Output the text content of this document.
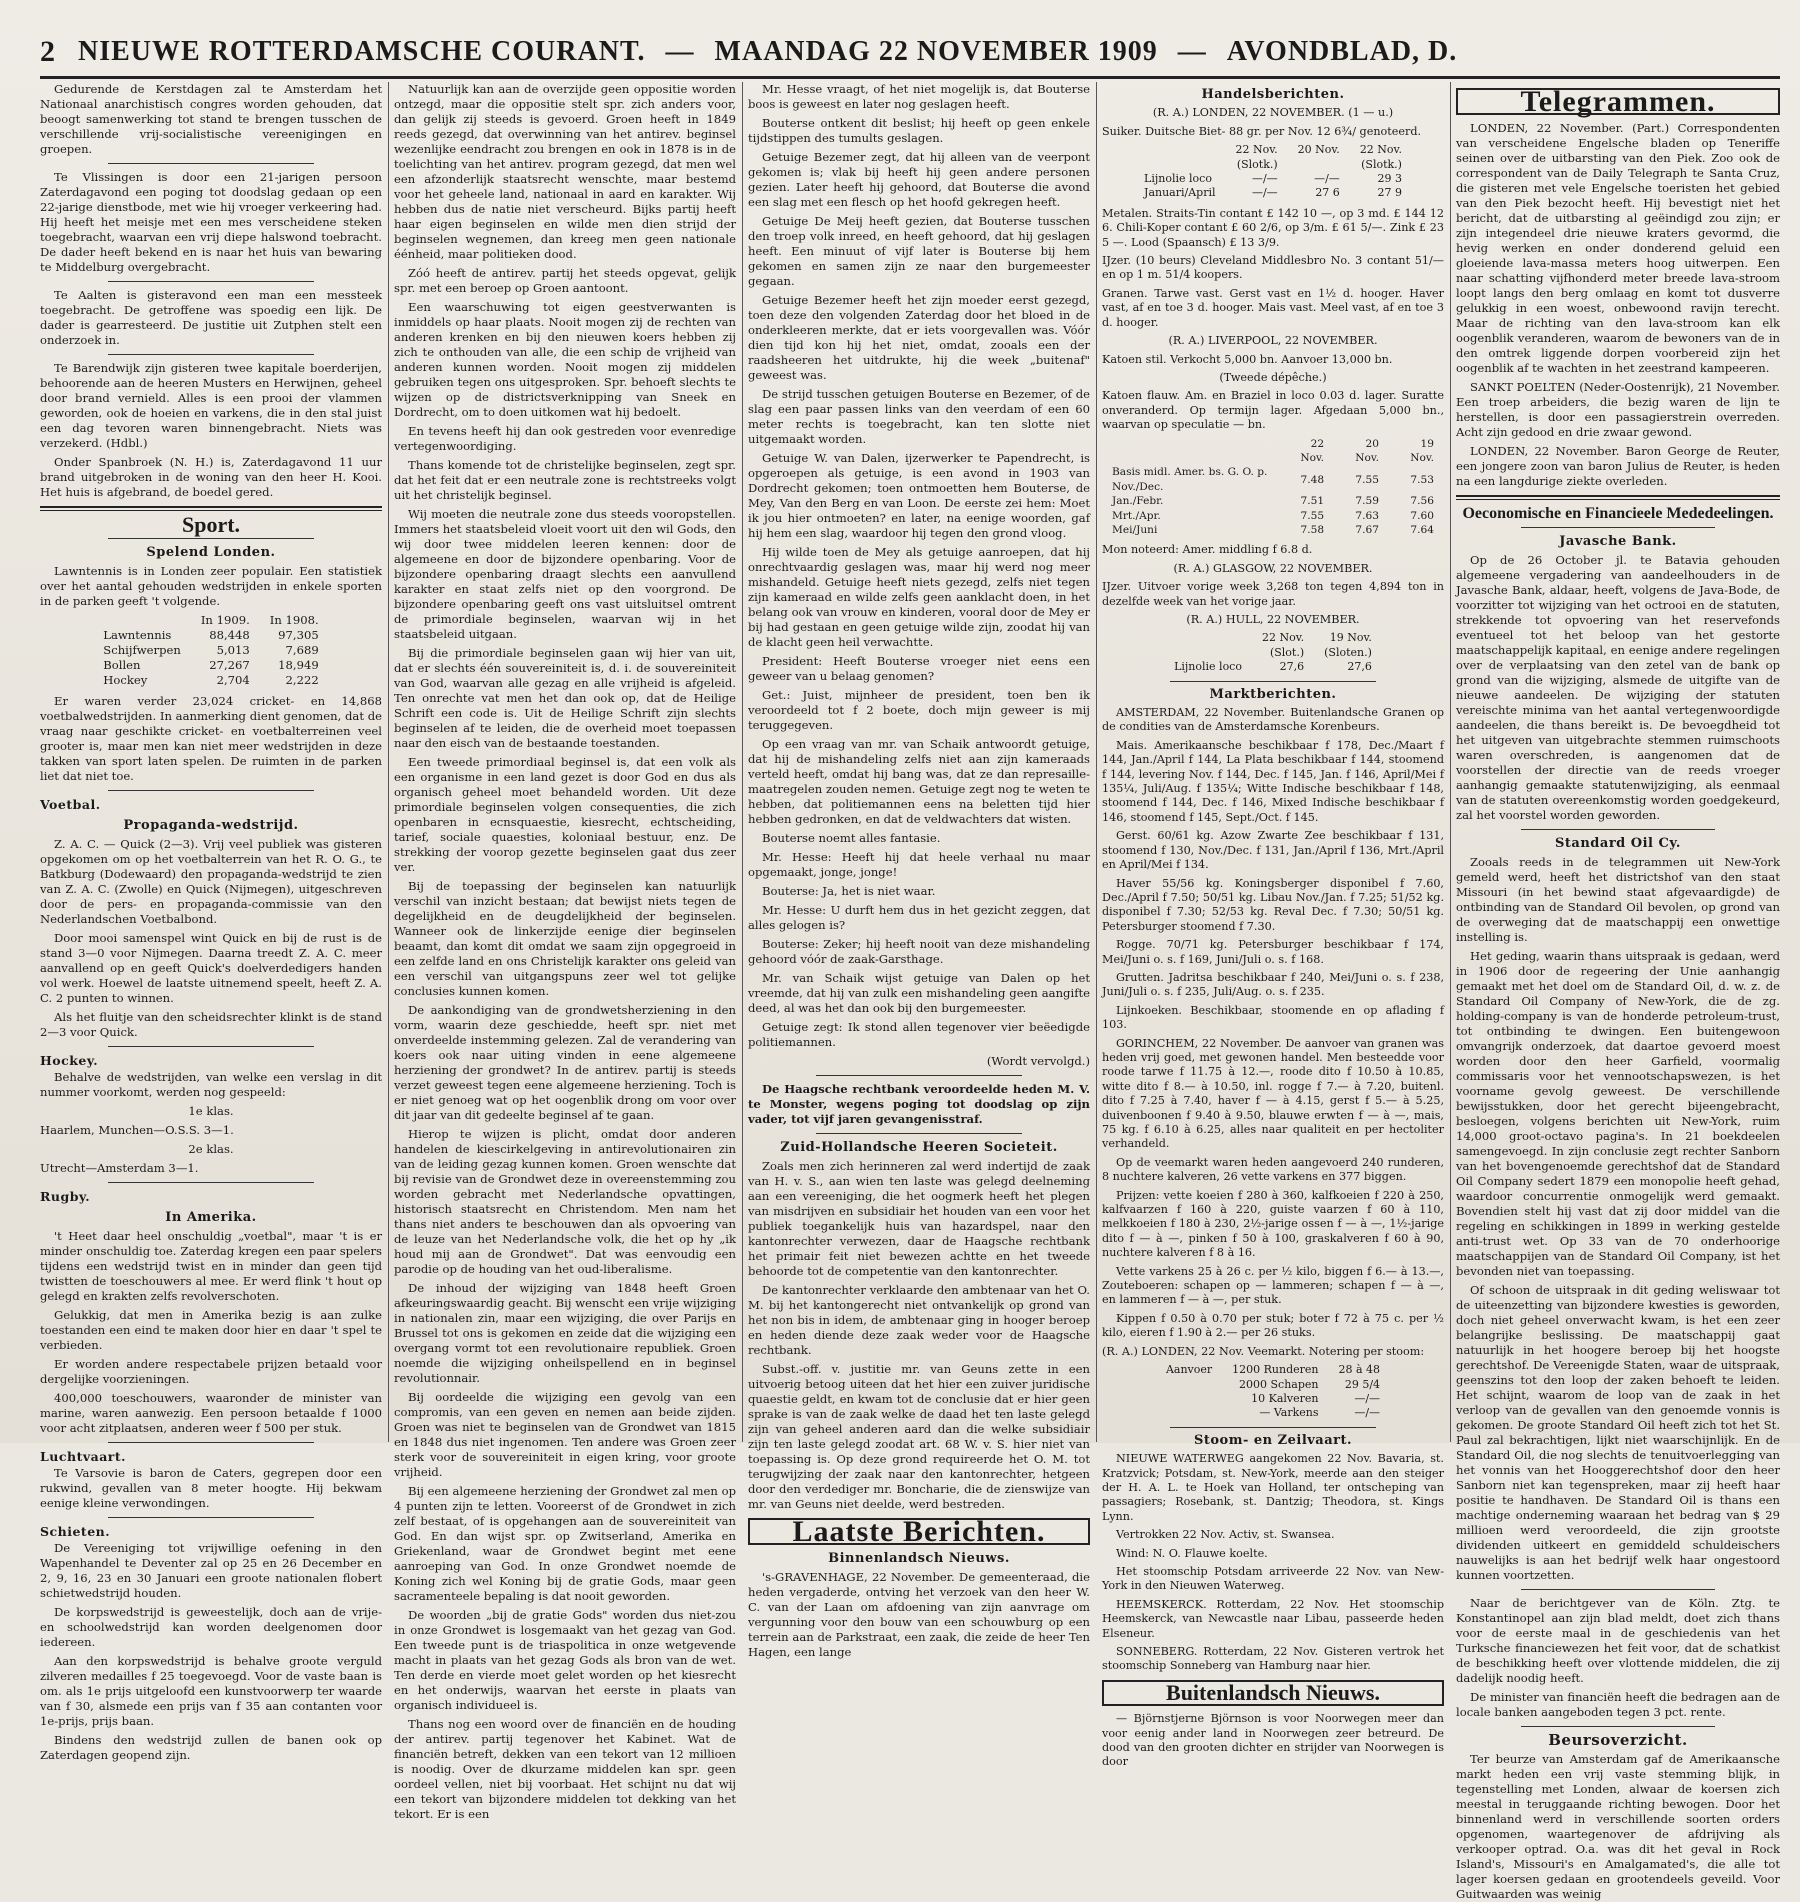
2 NIEUWE ROTTERDAMSCHE COURANT. — MAANDAG 22 NOVEMBER 1909 — AVONDBLAD, D.

Gedurende de Kerstdagen zal te Amsterdam het Nationaal anarchistisch congres worden gehouden, dat beoogt samenwerking tot stand te brengen tusschen de verschillende vrij-socialistische vereenigingen en groepen.

Te Vlissingen is door een 21-jarigen persoon Zaterdagavond een poging tot doodslag gedaan op een 22-jarige dienstbode, met wie hij vroeger verkeering had. Hij heeft het meisje met een mes verscheidene steken toegebracht, waarvan een vrij diepe halswond toebracht. De dader heeft bekend en is naar het huis van bewaring te Middelburg overgebracht.

Te Aalten is gisteravond een man een messteek toegebracht. De getroffene was spoedig een lijk. De dader is gearresteerd. De justitie uit Zutphen stelt een onderzoek in.

Te Barendwijk zijn gisteren twee kapitale boerderijen, behoorende aan de heeren Musters en Herwijnen, geheel door brand vernield. Alles is een prooi der vlammen geworden, ook de hoeien en varkens, die in den stal juist een dag tevoren waren binnengebracht. Niets was verzekerd. (Hdbl.)

Onder Spanbroek (N. H.) is, Zaterdagavond 11 uur brand uitgebroken in de woning van den heer H. Kooi. Het huis is afgebrand, de boedel gered.

Sport.
Spelend Londen.

Lawntennis is in Londen zeer populair. Een statistiek over het aantal gehouden wedstrijden in enkele sporten in de parken geeft 't volgende.

	In 1909.	In 1908.
Lawntennis	88,448	97,305
Schijfwerpen	5,013	7,689
Bollen	27,267	18,949
Hockey	2,704	2,222

Er waren verder 23,024 cricket- en 14,868 voetbalwedstrijden. In aanmerking dient genomen, dat de vraag naar geschikte cricket- en voetbalterreinen veel grooter is, maar men kan niet meer wedstrijden in deze takken van sport laten spelen. De ruimten in de parken liet dat niet toe.

Voetbal.
Propaganda-wedstrijd.

Z. A. C. — Quick (2—3). Vrij veel publiek was gisteren opgekomen om op het voetbalterrein van het R. O. G., te Batkburg (Dodewaard) den propaganda-wedstrijd te zien van Z. A. C. (Zwolle) en Quick (Nijmegen), uitgeschreven door de pers- en propaganda-commissie van den Nederlandschen Voetbalbond.

Door mooi samenspel wint Quick en bij de rust is de stand 3—0 voor Nijmegen. Daarna treedt Z. A. C. meer aanvallend op en geeft Quick's doelverdedigers handen vol werk. Hoewel de laatste uitnemend speelt, heeft Z. A. C. 2 punten to winnen.

Als het fluitje van den scheidsrechter klinkt is de stand 2—3 voor Quick.

Hockey.

Behalve de wedstrijden, van welke een verslag in dit nummer voorkomt, werden nog gespeeld:

1e klas.

Haarlem, Munchen—O.S.S. 3—1.

2e klas.

Utrecht—Amsterdam 3—1.

Rugby.
In Amerika.

't Heet daar heel onschuldig „voetbal", maar 't is er minder onschuldig toe. Zaterdag kregen een paar spelers tijdens een wedstrijd twist en in minder dan geen tijd twistten de toeschouwers al mee. Er werd flink 't hout op gelegd en krakten zelfs revolverschoten.

Gelukkig, dat men in Amerika bezig is aan zulke toestanden een eind te maken door hier en daar 't spel te verbieden.

Er worden andere respectabele prijzen betaald voor dergelijke voorzieningen.

400,000 toeschouwers, waaronder de minister van marine, waren aanwezig. Een persoon betaalde f 1000 voor acht zitplaatsen, anderen weer f 500 per stuk.

Luchtvaart.

Te Varsovie is baron de Caters, gegrepen door een rukwind, gevallen van 8 meter hoogte. Hij bekwam eenige kleine verwondingen.

Schieten.

De Vereeniging tot vrijwillige oefening in den Wapenhandel te Deventer zal op 25 en 26 December en 2, 9, 16, 23 en 30 Januari een groote nationalen flobert schietwedstrijd houden.

De korpswedstrijd is geweestelijk, doch aan de vrije- en schoolwedstrijd kan worden deelgenomen door iedereen.

Aan den korpswedstrijd is behalve groote verguld zilveren medailles f 25 toegevoegd. Voor de vaste baan is om. als 1e prijs uitgeloofd een kunstvoorwerp ter waarde van f 30, alsmede een prijs van f 35 aan contanten voor 1e-prijs, prijs baan.

Bindens den wedstrijd zullen de banen ook op Zaterdagen geopend zijn.

Natuurlijk kan aan de overzijde geen oppositie worden ontzegd, maar die oppositie stelt spr. zich anders voor, dan gelijk zij steeds is gevoerd. Groen heeft in 1849 reeds gezegd, dat overwinning van het antirev. beginsel wezenlijke eendracht zou brengen en ook in 1878 is in de toelichting van het antirev. program gezegd, dat men wel een afzonderlijk staatsrecht wenschte, maar bestemd voor het geheele land, nationaal in aard en karakter. Wij hebben dus de natie niet verscheurd. Bijks partij heeft haar eigen beginselen en wilde men dien strijd der beginselen wegnemen, dan kreeg men geen nationale éénheid, maar politieken dood.

Zóó heeft de antirev. partij het steeds opgevat, gelijk spr. met een beroep op Groen aantoont.

Een waarschuwing tot eigen geestverwanten is inmiddels op haar plaats. Nooit mogen zij de rechten van anderen krenken en bij den nieuwen koers hebben zij zich te onthouden van alle, die een schip de vrijheid van anderen kunnen worden. Nooit mogen zij middelen gebruiken tegen ons uitgesproken. Spr. behoeft slechts te wijzen op de districtsverknipping van Sneek en Dordrecht, om to doen uitkomen wat hij bedoelt.

En tevens heeft hij dan ook gestreden voor evenredige vertegenwoordiging.

Thans komende tot de christelijke beginselen, zegt spr. dat het feit dat er een neutrale zone is rechtstreeks volgt uit het christelijk beginsel.

Wij moeten die neutrale zone dus steeds vooropstellen. Immers het staatsbeleid vloeit voort uit den wil Gods, den wij door twee middelen leeren kennen: door de algemeene en door de bijzondere openbaring. Voor de bijzondere openbaring draagt slechts een aanvullend karakter en staat zelfs niet op den voorgrond. De bijzondere openbaring geeft ons vast uitsluitsel omtrent de primordiale beginselen, waarvan wij in het staatsbeleid uitgaan.

Bij die primordiale beginselen gaan wij hier van uit, dat er slechts één souvereiniteit is, d. i. de souvereiniteit van God, waarvan alle gezag en alle vrijheid is afgeleid. Ten onrechte vat men het dan ook op, dat de Heilige Schrift een code is. Uit de Heilige Schrift zijn slechts beginselen af te leiden, die de overheid moet toepassen naar den eisch van de bestaande toestanden.

Een tweede primordiaal beginsel is, dat een volk als een organisme in een land gezet is door God en dus als organisch geheel moet behandeld worden. Uit deze primordiale beginselen volgen consequenties, die zich openbaren in ecnsquaestie, kiesrecht, echtscheiding, tarief, sociale quaesties, koloniaal bestuur, enz. De strekking der voorop gezette beginselen gaat dus zeer ver.

Bij de toepassing der beginselen kan natuurlijk verschil van inzicht bestaan; dat bewijst niets tegen de degelijkheid en de deugdelijkheid der beginselen. Wanneer ook de linkerzijde eenige dier beginselen beaamt, dan komt dit omdat we saam zijn opgegroeid in een zelfde land en ons Christelijk karakter ons geleid van een verschil van uitgangspuns zeer wel tot gelijke conclusies kunnen komen.

De aankondiging van de grondwetsherziening in den vorm, waarin deze geschiedde, heeft spr. niet met onverdeelde instemming gelezen. Zal de verandering van koers ook naar uiting vinden in eene algemeene herziening der grondwet? In de antirev. partij is steeds verzet geweest tegen eene algemeene herziening. Toch is er niet genoeg wat op het oogenblik drong om voor over dit jaar van dit gedeelte beginsel af te gaan.

Hierop te wijzen is plicht, omdat door anderen handelen de kiescirkelgeving in antirevolutionairen zin van de leiding gezag kunnen komen. Groen wenschte dat bij revisie van de Grondwet deze in overeenstemming zou worden gebracht met Nederlandsche opvattingen, historisch staatsrecht en Christendom. Men nam het thans niet anders te beschouwen dan als opvoering van de leuze van het Nederlandsche volk, die het op hy „ik houd mij aan de Grondwet". Dat was eenvoudig een parodie op de houding van het oud-liberalisme.

De inhoud der wijziging van 1848 heeft Groen afkeuringswaardig geacht. Bij wenscht een vrije wijziging in nationalen zin, maar een wijziging, die over Parijs en Brussel tot ons is gekomen en zeide dat die wijziging een overgang vormt tot een revolutionaire republiek. Groen noemde die wijziging onheilspellend en in beginsel revolutionnair.

Bij oordeelde die wijziging een gevolg van een compromis, van een geven en nemen aan beide zijden. Groen was niet te beginselen van de Grondwet van 1815 en 1848 dus niet ingenomen. Ten andere was Groen zeer sterk voor de souvereiniteit in eigen kring, voor groote vrijheid.

Bij een algemeene herziening der Grondwet zal men op 4 punten zijn te letten. Vooreerst of de Grondwet in zich zelf bestaat, of is opgehangen aan de souvereiniteit van God. En dan wijst spr. op Zwitserland, Amerika en Griekenland, waar de Grondwet begint met eene aanroeping van God. In onze Grondwet noemde de Koning zich wel Koning bij de gratie Gods, maar geen sacramenteele bepaling is dat nooit geworden.

De woorden „bij de gratie Gods" worden dus niet-zou in onze Grondwet is losgemaakt van het gezag van God. Een tweede punt is de triaspolitica in onze wetgevende macht in plaats van het gezag Gods als bron van de wet. Ten derde en vierde moet gelet worden op het kiesrecht en het onderwijs, waarvan het eerste in plaats van organisch individueel is.

Thans nog een woord over de financiën en de houding der antirev. partij tegenover het Kabinet. Wat de financiën betreft, dekken van een tekort van 12 millioen is noodig. Over de dkurzame middelen kan spr. geen oordeel vellen, niet bij voorbaat. Het schijnt nu dat wij een tekort van bijzondere middelen tot dekking van het tekort. Er is een

Mr. Hesse vraagt, of het niet mogelijk is, dat Bouterse boos is geweest en later nog geslagen heeft.

Bouterse ontkent dit beslist; hij heeft op geen enkele tijdstippen des tumults geslagen.

Getuige Bezemer zegt, dat hij alleen van de veerpont gekomen is; vlak bij heeft hij geen andere personen gezien. Later heeft hij gehoord, dat Bouterse die avond een slag met een flesch op het hoofd gekregen heeft.

Getuige De Meij heeft gezien, dat Bouterse tusschen den troep volk inreed, en heeft gehoord, dat hij geslagen heeft. Een minuut of vijf later is Bouterse bij hem gekomen en samen zijn ze naar den burgemeester gegaan.

Getuige Bezemer heeft het zijn moeder eerst gezegd, toen deze den volgenden Zaterdag door het bloed in de onderkleeren merkte, dat er iets voorgevallen was. Vóór dien tijd kon hij het niet, omdat, zooals een der raadsheeren het uitdrukte, hij die week „buitenaf" geweest was.

De strijd tusschen getuigen Bouterse en Bezemer, of de slag een paar passen links van den veerdam of een 60 meter rechts is toegebracht, kan ten slotte niet uitgemaakt worden.

Getuige W. van Dalen, ijzerwerker te Papendrecht, is opgeroepen als getuige, is een avond in 1903 van Dordrecht gekomen; toen ontmoetten hem Bouterse, de Mey, Van den Berg en van Loon. De eerste zei hem: Moet ik jou hier ontmoeten? en later, na eenige woorden, gaf hij hem een slag, waardoor hij tegen den grond vloog.

Hij wilde toen de Mey als getuige aanroepen, dat hij onrechtvaardig geslagen was, maar hij werd nog meer mishandeld. Getuige heeft niets gezegd, zelfs niet tegen zijn kameraad en wilde zelfs geen aanklacht doen, in het belang ook van vrouw en kinderen, vooral door de Mey er bij had gestaan en geen getuige wilde zijn, zoodat hij van de klacht geen heil verwachtte.

President: Heeft Bouterse vroeger niet eens een geweer van u belaag genomen?

Get.: Juist, mijnheer de president, toen ben ik veroordeeld tot f 2 boete, doch mijn geweer is mij teruggegeven.

Op een vraag van mr. van Schaik antwoordt getuige, dat hij de mishandeling zelfs niet aan zijn kameraads verteld heeft, omdat hij bang was, dat ze dan represaille-maatregelen zouden nemen. Getuige zegt nog te weten te hebben, dat politiemannen eens na beletten tijd hier hebben gedronken, en dat de veldwachters dat wisten.

Bouterse noemt alles fantasie.

Mr. Hesse: Heeft hij dat heele verhaal nu maar opgemaakt, jonge, jonge!

Bouterse: Ja, het is niet waar.

Mr. Hesse: U durft hem dus in het gezicht zeggen, dat alles gelogen is?

Bouterse: Zeker; hij heeft nooit van deze mishandeling gehoord vóór de zaak-Garsthage.

Mr. van Schaik wijst getuige van Dalen op het vreemde, dat hij van zulk een mishandeling geen aangifte deed, al was het dan ook bij den burgemeester.

Getuige zegt: Ik stond allen tegenover vier beëedigde politiemannen.

(Wordt vervolgd.)

De Haagsche rechtbank veroordeelde heden M. V. te Monster, wegens poging tot doodslag op zijn vader, tot vijf jaren gevangenisstraf.

Zuid-Hollandsche Heeren Societeit.

Zoals men zich herinneren zal werd indertijd de zaak van H. v. S., aan wien ten laste was gelegd deelneming aan een vereeniging, die het oogmerk heeft het plegen van misdrijven en subsidiair het houden van een voor het publiek toegankelijk huis van hazardspel, naar den kantonrechter verwezen, daar de Haagsche rechtbank het primair feit niet bewezen achtte en het tweede behoorde tot de competentie van den kantonrechter.

De kantonrechter verklaarde den ambtenaar van het O. M. bij het kantongerecht niet ontvankelijk op grond van het non bis in idem, de ambtenaar ging in hooger beroep en heden diende deze zaak weder voor de Haagsche rechtbank.

Subst.-off. v. justitie mr. van Geuns zette in een uitvoerig betoog uiteen dat het hier een zuiver juridische quaestie geldt, en kwam tot de conclusie dat er hier geen sprake is van de zaak welke de daad het ten laste gelegd zijn van geheel anderen aard dan die welke subsidiair zijn ten laste gelegd zoodat art. 68 W. v. S. hier niet van toepassing is. Op deze grond requireerde het O. M. tot terugwijzing der zaak naar den kantonrechter, hetgeen door den verdediger mr. Boncharie, die de zienswijze van mr. van Geuns niet deelde, werd bestreden.

Laatste Berichten.
Binnenlandsch Nieuws.

's-GRAVENHAGE, 22 November. De gemeenteraad, die heden vergaderde, ontving het verzoek van den heer W. C. van der Laan om afdoening van zijn aanvrage om vergunning voor den bouw van een schouwburg op een terrein aan de Parkstraat, een zaak, die zeide de heer Ten Hagen, een lange

Handelsberichten.

(R. A.) LONDEN, 22 NOVEMBER. (1 — u.)

Suiker. Duitsche Biet- 88 gr. per Nov. 12 6¾/ genoteerd.

	22 Nov.	20 Nov.	22 Nov.
	(Slotk.)		(Slotk.)
Lijnolie loco	—/—	—/—	29 3
Januari/April	—/—	27 6	27 9

Metalen. Straits-Tin contant £ 142 10 —, op 3 md. £ 144 12 6. Chili-Koper contant £ 60 2/6, op 3/m. £ 61 5/—. Zink £ 23 5 —. Lood (Spaansch) £ 13 3/9.

IJzer. (10 beurs) Cleveland Middlesbro No. 3 contant 51/— en op 1 m. 51/4 koopers.

Granen. Tarwe vast. Gerst vast en 1½ d. hooger. Haver vast, af en toe 3 d. hooger. Mais vast. Meel vast, af en toe 3 d. hooger.

(R. A.) LIVERPOOL, 22 NOVEMBER.

Katoen stil. Verkocht 5,000 bn. Aanvoer 13,000 bn.

(Tweede dépêche.)

Katoen flauw. Am. en Braziel in loco 0.03 d. lager. Suratte onveranderd. Op termijn lager. Afgedaan 5,000 bn., waarvan op speculatie — bn.

	22 Nov.	20 Nov.	19 Nov.
Basis midl. Amer. bs. G. O. p. Nov./Dec.	7.48	7.55	7.53
Jan./Febr.	7.51	7.59	7.56
Mrt./Apr.	7.55	7.63	7.60
Mei/Juni	7.58	7.67	7.64

Mon noteerd: Amer. middling f 6.8 d.

(R. A.) GLASGOW, 22 NOVEMBER.

IJzer. Uitvoer vorige week 3,268 ton tegen 4,894 ton in dezelfde week van het vorige jaar.

(R. A.) HULL, 22 NOVEMBER.

	22 Nov.	19 Nov.
	(Slot.)	(Sloten.)
Lijnolie loco	27,6	27,6
Marktberichten.

AMSTERDAM, 22 November. Buitenlandsche Granen op de condities van de Amsterdamsche Korenbeurs.

Mais. Amerikaansche beschikbaar f 178, Dec./Maart f 144, Jan./April f 144, La Plata beschikbaar f 144, stoomend f 144, levering Nov. f 144, Dec. f 145, Jan. f 146, April/Mei f 135¼, Juli/Aug. f 135¼; Witte Indische beschikbaar f 148, stoomend f 144, Dec. f 146, Mixed Indische beschikbaar f 146, stoomend f 145, Sept./Oct. f 145.

Gerst. 60/61 kg. Azow Zwarte Zee beschikbaar f 131, stoomend f 130, Nov./Dec. f 131, Jan./April f 136, Mrt./April en April/Mei f 134.

Haver 55/56 kg. Koningsberger disponibel f 7.60, Dec./April f 7.50; 50/51 kg. Libau Nov./Jan. f 7.25; 51/52 kg. disponibel f 7.30; 52/53 kg. Reval Dec. f 7.30; 50/51 kg. Petersburger stoomend f 7.30.

Rogge. 70/71 kg. Petersburger beschikbaar f 174, Mei/Juni o. s. f 169, Juni/Juli o. s. f 168.

Grutten. Jadritsa beschikbaar f 240, Mei/Juni o. s. f 238, Juni/Juli o. s. f 235, Juli/Aug. o. s. f 235.

Lijnkoeken. Beschikbaar, stoomende en op aflading f 103.

GORINCHEM, 22 November. De aanvoer van granen was heden vrij goed, met gewonen handel. Men besteedde voor roode tarwe f 11.75 à 12.—, roode dito f 10.50 à 10.85, witte dito f 8.— à 10.50, inl. rogge f 7.— à 7.20, buitenl. dito f 7.25 à 7.40, haver f — à 4.15, gerst f 5.— à 5.25, duivenboonen f 9.40 à 9.50, blauwe erwten f — à —, mais, 75 kg. f 6.10 à 6.25, alles naar qualiteit en per hectoliter verhandeld.

Op de veemarkt waren heden aangevoerd 240 runderen, 8 nuchtere kalveren, 26 vette varkens en 377 biggen.

Prijzen: vette koeien f 280 à 360, kalfkoeien f 220 à 250, kalfvaarzen f 160 à 220, guiste vaarzen f 60 à 110, melkkoeien f 180 à 230, 2½-jarige ossen f — à —, 1½-jarige dito f — à —, pinken f 50 à 100, graskalveren f 60 à 90, nuchtere kalveren f 8 à 16.

Vette varkens 25 à 26 c. per ½ kilo, biggen f 6.— à 13.—, Zouteboeren: schapen op — lammeren; schapen f — à —, en lammeren f — à —, per stuk.

Kippen f 0.50 à 0.70 per stuk; boter f 72 à 75 c. per ½ kilo, eieren f 1.90 à 2.— per 26 stuks.

(R. A.) LONDEN, 22 Nov. Veemarkt. Notering per stoom:

Aanvoer	1200 Runderen	28 à 48
	2000 Schapen	29 5/4
	10 Kalveren	—/—
	— Varkens	—/—
Stoom- en Zeilvaart.

NIEUWE WATERWEG aangekomen 22 Nov. Bavaria, st. Kratzvick; Potsdam, st. New-York, meerde aan den steiger der H. A. L. te Hoek van Holland, ter ontscheping van passagiers; Rosebank, st. Dantzig; Theodora, st. Kings Lynn.

Vertrokken 22 Nov. Activ, st. Swansea.

Wind: N. O. Flauwe koelte.

Het stoomschip Potsdam arriveerde 22 Nov. van New-York in den Nieuwen Waterweg.

HEEMSKERCK. Rotterdam, 22 Nov. Het stoomschip Heemskerck, van Newcastle naar Libau, passeerde heden Elseneur.

SONNEBERG. Rotterdam, 22 Nov. Gisteren vertrok het stoomschip Sonneberg van Hamburg naar hier.

Buitenlandsch Nieuws.

— Björnstjerne Björnson is voor Noorwegen meer dan voor eenig ander land in Noorwegen zeer betreurd. De dood van den grooten dichter en strijder van Noorwegen is door

Telegrammen.

LONDEN, 22 November. (Part.) Correspondenten van verscheidene Engelsche bladen op Teneriffe seinen over de uitbarsting van den Piek. Zoo ook de correspondent van de Daily Telegraph te Santa Cruz, die gisteren met vele Engelsche toeristen het gebied van den Piek bezocht heeft. Hij bevestigt niet het bericht, dat de uitbarsting al geëindigd zou zijn; er zijn integendeel drie nieuwe kraters gevormd, die hevig werken en onder donderend geluid een gloeiende lava-massa meters hoog uitwerpen. Een naar schatting vijfhonderd meter breede lava-stroom loopt langs den berg omlaag en komt tot dusverre gelukkig in een woest, onbewoond ravijn terecht. Maar de richting van den lava-stroom kan elk oogenblik veranderen, waarom de bewoners van de in den omtrek liggende dorpen voorbereid zijn het oogenblik af te wachten in het zeestrand kampeeren.

SANKT POELTEN (Neder-Oostenrijk), 21 November. Een troep arbeiders, die bezig waren de lijn te herstellen, is door een passagierstrein overreden. Acht zijn gedood en drie zwaar gewond.

LONDEN, 22 November. Baron George de Reuter, een jongere zoon van baron Julius de Reuter, is heden na een langdurige ziekte overleden.

Oeconomische en Financieele Mededeelingen.
Javasche Bank.

Op de 26 October jl. te Batavia gehouden algemeene vergadering van aandeelhouders in de Javasche Bank, aldaar, heeft, volgens de Java-Bode, de voorzitter tot wijziging van het octrooi en de statuten, strekkende tot opvoering van het reservefonds eventueel tot het beloop van het gestorte maatschappelijk kapitaal, en eenige andere regelingen over de verplaatsing van den zetel van de bank op grond van die wijziging, alsmede de uitgifte van de nieuwe aandeelen. De wijziging der statuten vereischte minima van het aantal vertegenwoordigde aandeelen, die thans bereikt is. De bevoegdheid tot het uitgeven van uitgebrachte stemmen ruimschoots waren overschreden, is aangenomen dat de voorstellen der directie van de reeds vroeger aanhangig gemaakte statutenwijziging, als eenmaal van de statuten overeenkomstig worden goedgekeurd, zal het voorstel worden geworden.

Standard Oil Cy.

Zooals reeds in de telegrammen uit New-York gemeld werd, heeft het districtshof van den staat Missouri (in het bewind staat afgevaardigde) de ontbinding van de Standard Oil bevolen, op grond van de overweging dat de maatschappij een onwettige instelling is.

Het geding, waarin thans uitspraak is gedaan, werd in 1906 door de regeering der Unie aanhangig gemaakt met het doel om de Standard Oil, d. w. z. de Standard Oil Company of New-York, die de zg. holding-company is van de honderde petroleum-trust, tot ontbinding te dwingen. Een buitengewoon omvangrijk onderzoek, dat daartoe gevoerd moest worden door den heer Garfield, voormalig commissaris voor het vennootschapswezen, is het voorname gevolg geweest. De verschillende bewijsstukken, door het gerecht bijeengebracht, besloegen, volgens berichten uit New-York, ruim 14,000 groot-octavo pagina's. In 21 boekdeelen samengevoegd. In zijn conclusie zegt rechter Sanborn van het bovengenoemde gerechtshof dat de Standard Oil Company sedert 1879 een monopolie heeft gehad, waardoor concurrentie onmogelijk werd gemaakt. Bovendien stelt hij vast dat zij door middel van die regeling en schikkingen in 1899 in werking gestelde anti-trust wet. Op 33 van de 70 onderhoorige maatschappijen van de Standard Oil Company, ist het bevonden niet van toepassing.

Of schoon de uitspraak in dit geding weliswaar tot de uiteenzetting van bijzondere kwesties is geworden, doch niet geheel onverwacht kwam, is het een zeer belangrijke beslissing. De maatschappij gaat natuurlijk in het hoogere beroep bij het hoogste gerechtshof. De Vereenigde Staten, waar de uitspraak, geenszins tot den loop der zaken behoeft te leiden. Het schijnt, waarom de loop van de zaak in het verloop van de gevallen van den genoemde vonnis is gekomen. De groote Standard Oil heeft zich tot het St. Paul zal bekrachtigen, lijkt niet waarschijnlijk. En de Standard Oil, die nog slechts de tenuitvoerlegging van het vonnis van het Hooggerechtshof door den heer Sanborn niet kan tegenspreken, maar zij heeft haar positie te handhaven. De Standard Oil is thans een machtige onderneming waaraan het bedrag van $ 29 millioen werd veroordeeld, die zijn grootste dividenden uitkeert en gemiddeld schuldeischers nauwelijks is aan het bedrijf welk haar ongestoord kunnen voortzetten.

Naar de berichtgever van de Köln. Ztg. te Konstantinopel aan zijn blad meldt, doet zich thans voor de eerste maal in de geschiedenis van het Turksche financiewezen het feit voor, dat de schatkist de beschikking heeft over vlottende middelen, die zij dadelijk noodig heeft.

De minister van financiën heeft die bedragen aan de locale banken aangeboden tegen 3 pct. rente.

Beursoverzicht.

Ter beurze van Amsterdam gaf de Amerikaansche markt heden een vrij vaste stemming blijk, in tegenstelling met Londen, alwaar de koersen zich meestal in teruggaande richting bewogen. Door het binnenland werd in verschillende soorten orders opgenomen, waartegenover de afdrijving als verkooper optrad. O.a. was dit het geval in Rock Island's, Missouri's en Amalgamated's, die alle tot lager koersen gedaan en grootendeels geveild. Voor Guitwaarden was weinig
